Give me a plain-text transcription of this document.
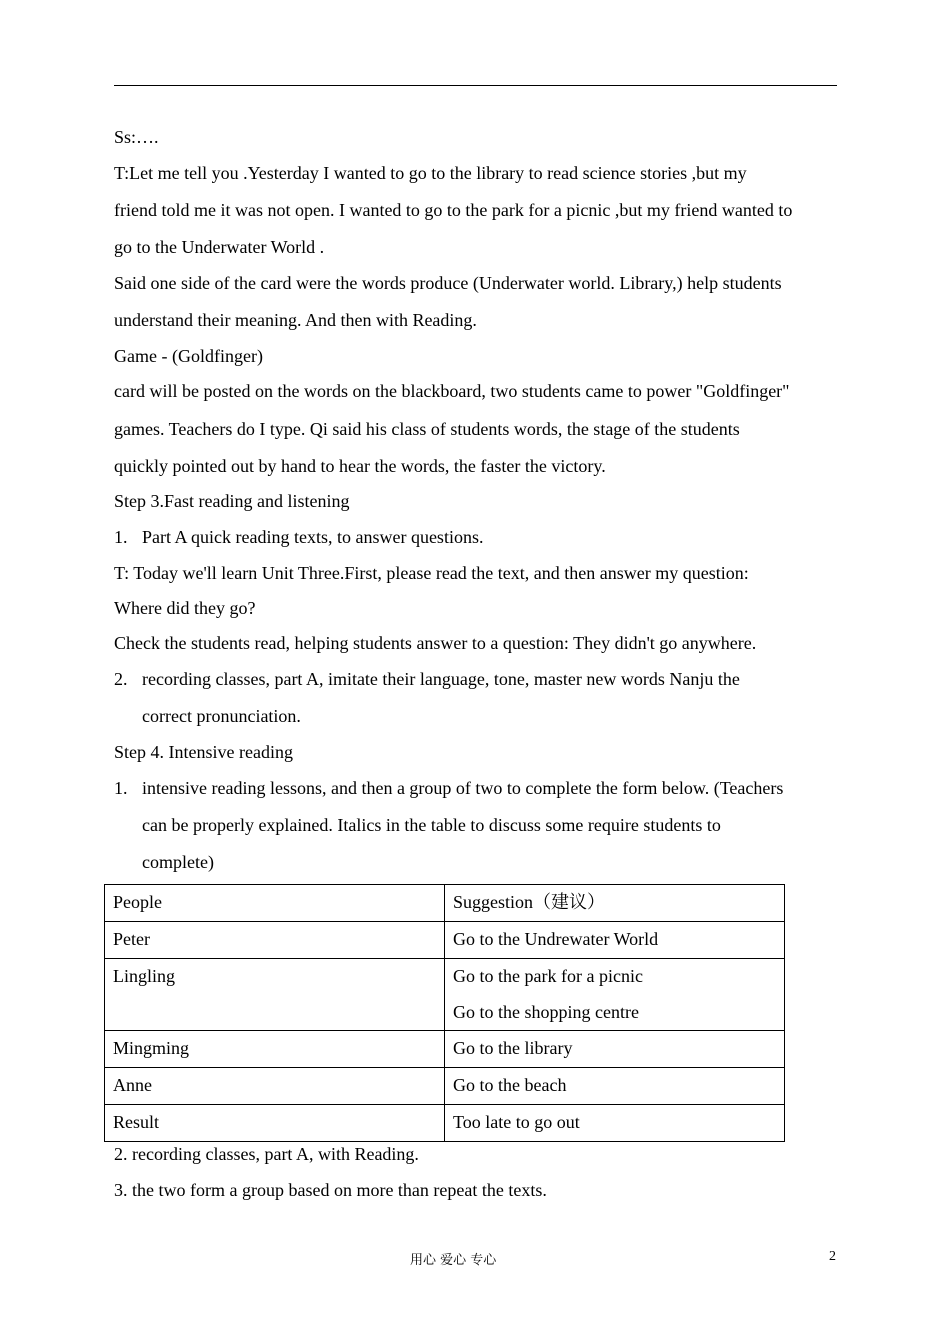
Ss:….
T:Let me tell you .Yesterday I wanted to go to the library to read science stories ,but my
friend told me it was not open. I wanted to go to the park for a picnic ,but my friend wanted to
go to the Underwater World .
Said one side of the card were the words produce (Underwater world. Library,) help students
understand their meaning. And then with Reading.
Game - (Goldfinger)
card will be posted on the words on the blackboard, two students came to power "Goldfinger"
games. Teachers do I type. Qi said his class of students words, the stage of the students
quickly pointed out by hand to hear the words, the faster the victory.
Step 3.Fast reading and listening
1. Part A quick reading texts, to answer questions.
T: Today we'll learn Unit Three.First, please read the text, and then answer my question:
Where did they go?
Check the students read, helping students answer to a question: They didn't go anywhere.
2. recording classes, part A, imitate their language, tone, master new words Nanju the
correct pronunciation.
Step 4. Intensive reading
1. intensive reading lessons, and then a group of two to complete the form below. (Teachers
can be properly explained. Italics in the table to discuss some require students to
complete)
People	Suggestion（建议）
Peter	Go to the Undrewater World
Lingling	Go to the park for a picnic
Go to the shopping centre

Mingming	Go to the library
Anne	Go to the beach
Result	Too late to go out
2. recording classes, part A, with Reading.
3. the two form a group based on more than repeat the texts.
用心 爱心 专心	2
